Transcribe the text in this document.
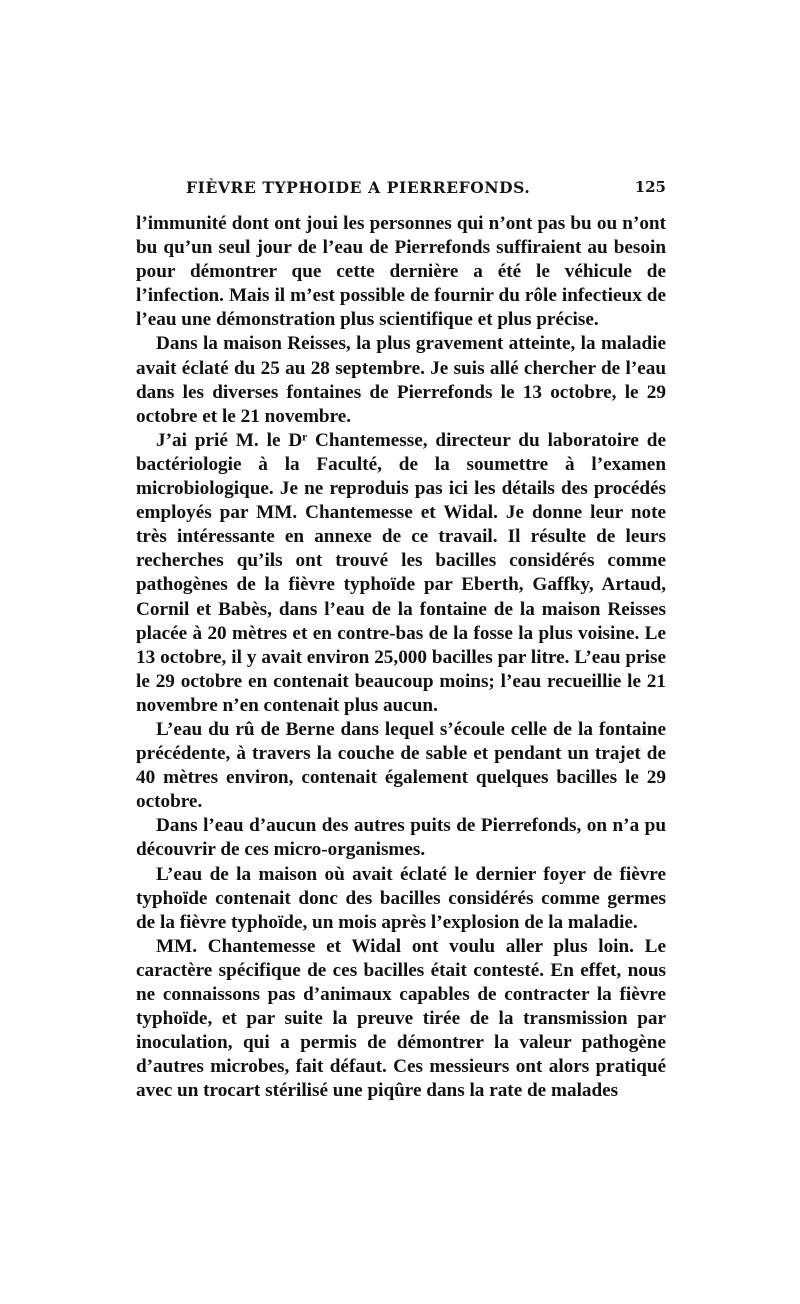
FIÈVRE TYPHOIDE A PIERREFONDS.	125

l’immunité dont ont joui les personnes qui n’ont pas bu ou n’ont bu qu’un seul jour de l’eau de Pierrefonds suffiraient au besoin pour démontrer que cette dernière a été le véhicule de l’infection. Mais il m’est possible de fournir du rôle infectieux de l’eau une démonstration plus scientifique et plus précise.

Dans la maison Reisses, la plus gravement atteinte, la maladie avait éclaté du 25 au 28 septembre. Je suis allé chercher de l’eau dans les diverses fontaines de Pierrefonds le 13 octobre, le 29 octobre et le 21 novembre.

J’ai prié M. le Dʳ Chantemesse, directeur du laboratoire de bactériologie à la Faculté, de la soumettre à l’examen microbiologique. Je ne reproduis pas ici les détails des procédés employés par MM. Chantemesse et Widal. Je donne leur note très intéressante en annexe de ce travail. Il résulte de leurs recherches qu’ils ont trouvé les bacilles considérés comme pathogènes de la fièvre typhoïde par Eberth, Gaffky, Artaud, Cornil et Babès, dans l’eau de la fontaine de la maison Reisses placée à 20 mètres et en contre-bas de la fosse la plus voisine. Le 13 octobre, il y avait environ 25,000 bacilles par litre. L’eau prise le 29 octobre en contenait beaucoup moins; l’eau recueillie le 21 novembre n’en contenait plus aucun.

L’eau du rû de Berne dans lequel s’écoule celle de la fontaine précédente, à travers la couche de sable et pendant un trajet de 40 mètres environ, contenait également quelques bacilles le 29 octobre.

Dans l’eau d’aucun des autres puits de Pierrefonds, on n’a pu découvrir de ces micro-organismes.

L’eau de la maison où avait éclaté le dernier foyer de fièvre typhoïde contenait donc des bacilles considérés comme germes de la fièvre typhoïde, un mois après l’explosion de la maladie.

MM. Chantemesse et Widal ont voulu aller plus loin. Le caractère spécifique de ces bacilles était contesté. En effet, nous ne connaissons pas d’animaux capables de contracter la fièvre typhoïde, et par suite la preuve tirée de la transmission par inoculation, qui a permis de démontrer la valeur pathogène d’autres microbes, fait défaut. Ces messieurs ont alors pratiqué avec un trocart stérilisé une piqûre dans la rate de malades
